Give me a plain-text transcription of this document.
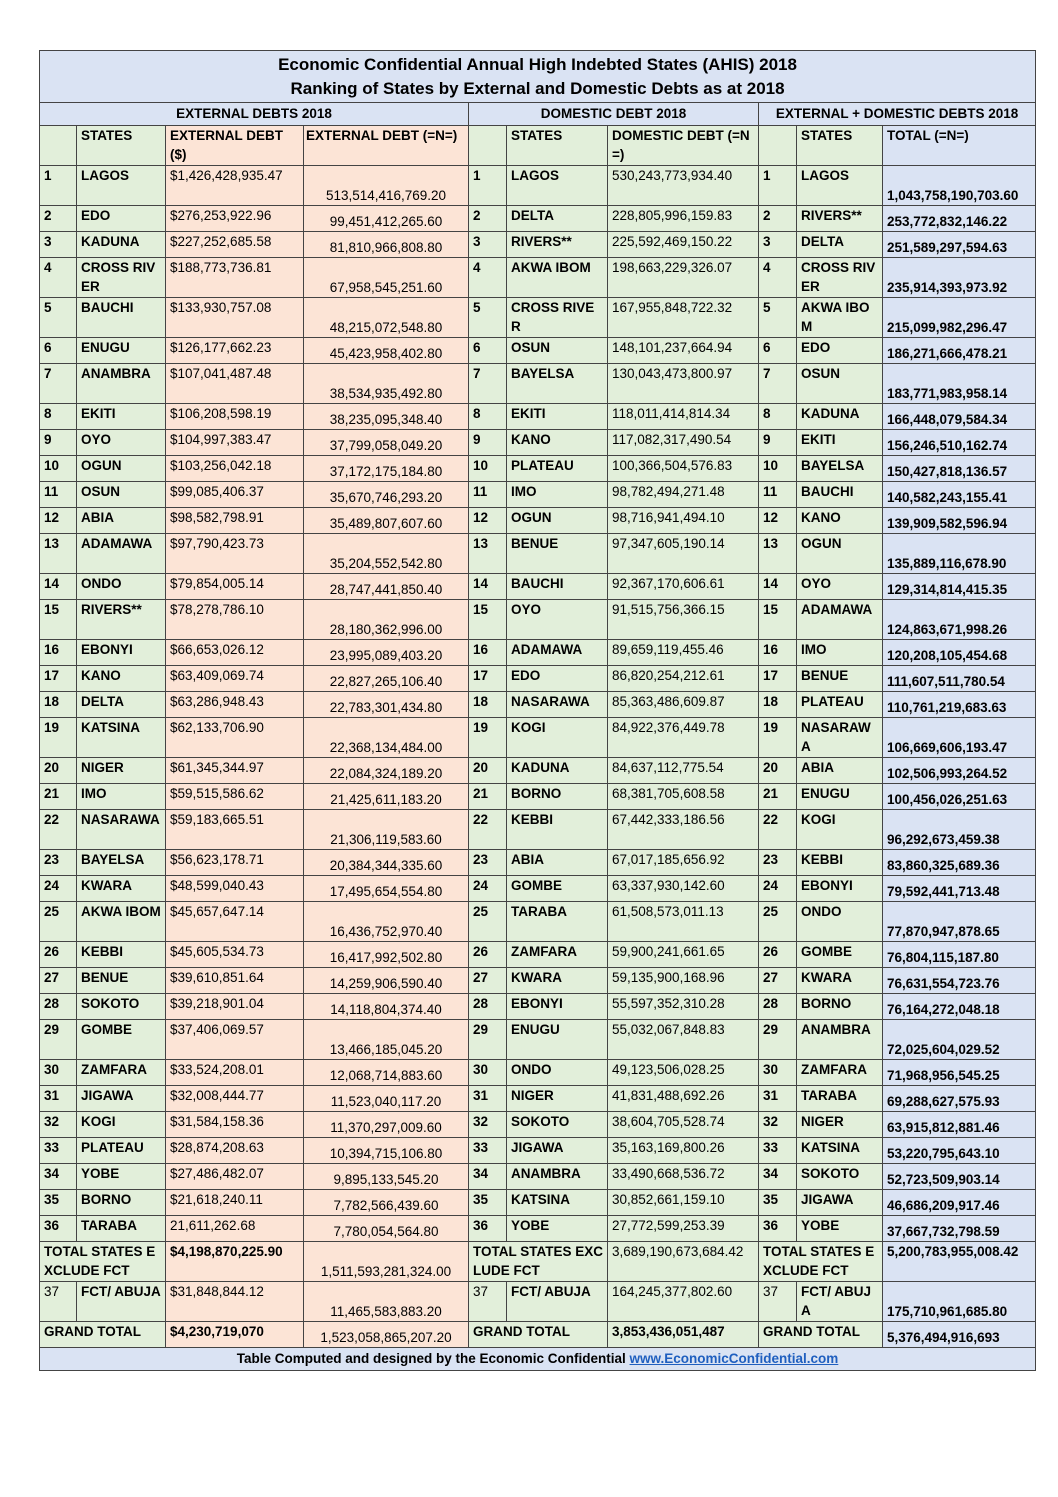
Economic Confidential Annual High Indebted States (AHIS) 2018									
Ranking of States by External and Domestic Debts as at 2018									
EXTERNAL DEBTS 2018				DOMESTIC DEBT 2018			EXTERNAL + DOMESTIC DEBTS 2018		
	STATES	EXTERNAL DEBT ($)	EXTERNAL DEBT (=N=)		STATES	DOMESTIC DEBT (=N=)		STATES	TOTAL (=N=)
1	LAGOS	$1,426,428,935.47	513,514,416,769.20	1	LAGOS	530,243,773,934.40	1	LAGOS	1,043,758,190,703.60
2	EDO	$276,253,922.96	99,451,412,265.60	2	DELTA	228,805,996,159.83	2	RIVERS**	253,772,832,146.22
3	KADUNA	$227,252,685.58	81,810,966,808.80	3	RIVERS**	225,592,469,150.22	3	DELTA	251,589,297,594.63
4	CROSS RIVER	$188,773,736.81	67,958,545,251.60	4	AKWA IBOM	198,663,229,326.07	4	CROSS RIVER	235,914,393,973.92
5	BAUCHI	$133,930,757.08	48,215,072,548.80	5	CROSS RIVER	167,955,848,722.32	5	AKWA IBOM	215,099,982,296.47
6	ENUGU	$126,177,662.23	45,423,958,402.80	6	OSUN	148,101,237,664.94	6	EDO	186,271,666,478.21
7	ANAMBRA	$107,041,487.48	38,534,935,492.80	7	BAYELSA	130,043,473,800.97	7	OSUN	183,771,983,958.14
8	EKITI	$106,208,598.19	38,235,095,348.40	8	EKITI	118,011,414,814.34	8	KADUNA	166,448,079,584.34
9	OYO	$104,997,383.47	37,799,058,049.20	9	KANO	117,082,317,490.54	9	EKITI	156,246,510,162.74
10	OGUN	$103,256,042.18	37,172,175,184.80	10	PLATEAU	100,366,504,576.83	10	BAYELSA	150,427,818,136.57
11	OSUN	$99,085,406.37	35,670,746,293.20	11	IMO	98,782,494,271.48	11	BAUCHI	140,582,243,155.41
12	ABIA	$98,582,798.91	35,489,807,607.60	12	OGUN	98,716,941,494.10	12	KANO	139,909,582,596.94
13	ADAMAWA	$97,790,423.73	35,204,552,542.80	13	BENUE	97,347,605,190.14	13	OGUN	135,889,116,678.90
14	ONDO	$79,854,005.14	28,747,441,850.40	14	BAUCHI	92,367,170,606.61	14	OYO	129,314,814,415.35
15	RIVERS**	$78,278,786.10	28,180,362,996.00	15	OYO	91,515,756,366.15	15	ADAMAWA	124,863,671,998.26
16	EBONYI	$66,653,026.12	23,995,089,403.20	16	ADAMAWA	89,659,119,455.46	16	IMO	120,208,105,454.68
17	KANO	$63,409,069.74	22,827,265,106.40	17	EDO	86,820,254,212.61	17	BENUE	111,607,511,780.54
18	DELTA	$63,286,948.43	22,783,301,434.80	18	NASARAWA	85,363,486,609.87	18	PLATEAU	110,761,219,683.63
19	KATSINA	$62,133,706.90	22,368,134,484.00	19	KOGI	84,922,376,449.78	19	NASARAWA	106,669,606,193.47
20	NIGER	$61,345,344.97	22,084,324,189.20	20	KADUNA	84,637,112,775.54	20	ABIA	102,506,993,264.52
21	IMO	$59,515,586.62	21,425,611,183.20	21	BORNO	68,381,705,608.58	21	ENUGU	100,456,026,251.63
22	NASARAWA	$59,183,665.51	21,306,119,583.60	22	KEBBI	67,442,333,186.56	22	KOGI	96,292,673,459.38
23	BAYELSA	$56,623,178.71	20,384,344,335.60	23	ABIA	67,017,185,656.92	23	KEBBI	83,860,325,689.36
24	KWARA	$48,599,040.43	17,495,654,554.80	24	GOMBE	63,337,930,142.60	24	EBONYI	79,592,441,713.48
25	AKWA IBOM	$45,657,647.14	16,436,752,970.40	25	TARABA	61,508,573,011.13	25	ONDO	77,870,947,878.65
26	KEBBI	$45,605,534.73	16,417,992,502.80	26	ZAMFARA	59,900,241,661.65	26	GOMBE	76,804,115,187.80
27	BENUE	$39,610,851.64	14,259,906,590.40	27	KWARA	59,135,900,168.96	27	KWARA	76,631,554,723.76
28	SOKOTO	$39,218,901.04	14,118,804,374.40	28	EBONYI	55,597,352,310.28	28	BORNO	76,164,272,048.18
29	GOMBE	$37,406,069.57	13,466,185,045.20	29	ENUGU	55,032,067,848.83	29	ANAMBRA	72,025,604,029.52
30	ZAMFARA	$33,524,208.01	12,068,714,883.60	30	ONDO	49,123,506,028.25	30	ZAMFARA	71,968,956,545.25
31	JIGAWA	$32,008,444.77	11,523,040,117.20	31	NIGER	41,831,488,692.26	31	TARABA	69,288,627,575.93
32	KOGI	$31,584,158.36	11,370,297,009.60	32	SOKOTO	38,604,705,528.74	32	NIGER	63,915,812,881.46
33	PLATEAU	$28,874,208.63	10,394,715,106.80	33	JIGAWA	35,163,169,800.26	33	KATSINA	53,220,795,643.10
34	YOBE	$27,486,482.07	9,895,133,545.20	34	ANAMBRA	33,490,668,536.72	34	SOKOTO	52,723,509,903.14
35	BORNO	$21,618,240.11	7,782,566,439.60	35	KATSINA	30,852,661,159.10	35	JIGAWA	46,686,209,917.46
36	TARABA	21,611,262.68	7,780,054,564.80	36	YOBE	27,772,599,253.39	36	YOBE	37,667,732,798.59
TOTAL STATES EXCLUDE FCT		$4,198,870,225.90	1,511,593,281,324.00	TOTAL STATES EXCLUDE FCT		3,689,190,673,684.42	TOTAL STATES EXCLUDE FCT		5,200,783,955,008.42
37	FCT/ ABUJA	$31,848,844.12	11,465,583,883.20	37	FCT/ ABUJA	164,245,377,802.60	37	FCT/ ABUJA	175,710,961,685.80
GRAND TOTAL		$4,230,719,070	1,523,058,865,207.20	GRAND TOTAL		3,853,436,051,487	GRAND TOTAL		5,376,494,916,693
Table Computed and designed by the Economic Confidential www.EconomicConfidential.com									
